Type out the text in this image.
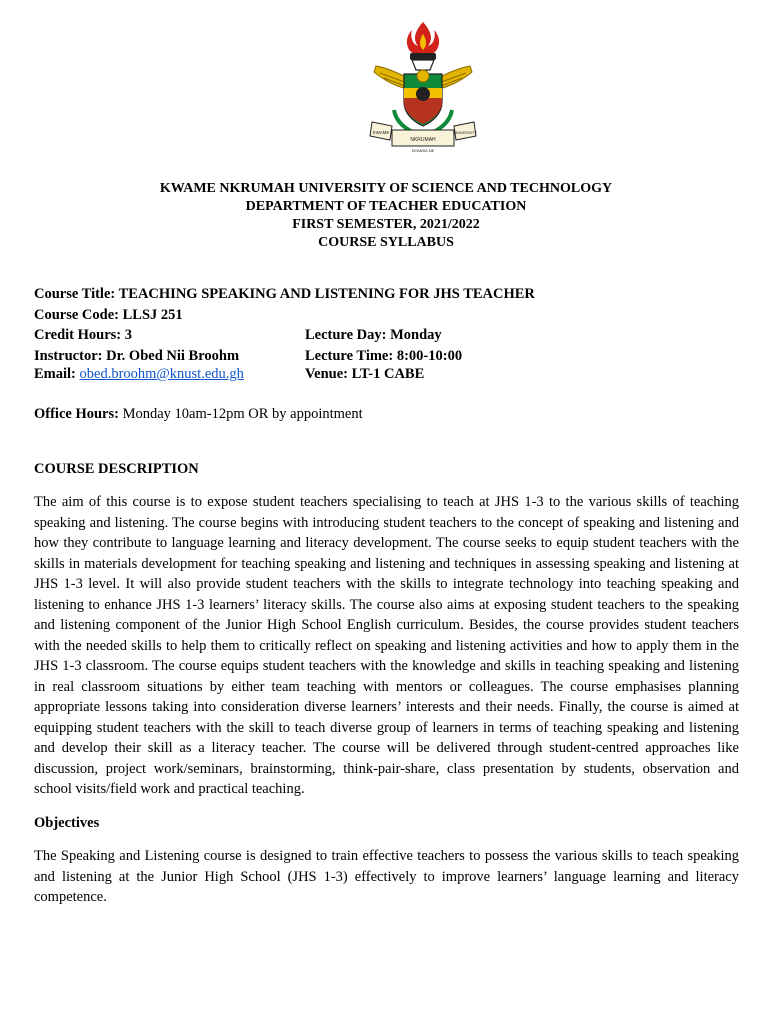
KWAME
NKRUMAH
UNIVERSITY
NYANSA NE
KWAME NKRUMAH UNIVERSITY OF SCIENCE AND TECHNOLOGY
DEPARTMENT OF TEACHER EDUCATION
FIRST SEMESTER, 2021/2022
COURSE SYLLABUS
Course Title: TEACHING SPEAKING AND LISTENING FOR JHS TEACHER
Course Code: LLSJ 251
Credit Hours: 3	Lecture Day: Monday
Instructor: Dr. Obed Nii Broohm	Lecture Time: 8:00-10:00
Email: obed.broohm@knust.edu.gh	Venue: LT-1 CABE
Office Hours: Monday 10am-12pm OR by appointment
COURSE DESCRIPTION

The aim of this course is to expose student teachers specialising to teach at JHS 1-3 to the various skills of teaching speaking and listening. The course begins with introducing student teachers to the concept of speaking and listening and how they contribute to language learning and literacy development. The course seeks to equip student teachers with the skills in materials development for teaching speaking and listening and techniques in assessing speaking and listening at JHS 1-3 level. It will also provide student teachers with the skills to integrate technology into teaching speaking and listening to enhance JHS 1-3 learners’ literacy skills. The course also aims at exposing student teachers to the speaking and listening component of the Junior High School English curriculum. Besides, the course provides student teachers with the needed skills to help them to critically reflect on speaking and listening activities and how to apply them in the JHS 1-3 classroom. The course equips student teachers with the knowledge and skills in teaching speaking and listening in real classroom situations by either team teaching with mentors or colleagues. The course emphasises planning appropriate lessons taking into consideration diverse learners’ interests and their needs. Finally, the course is aimed at equipping student teachers with the skill to teach diverse group of learners in terms of teaching speaking and listening and develop their skill as a literacy teacher. The course will be delivered through student-centred approaches like discussion, project work/seminars, brainstorming, think-pair-share, class presentation by students, observation and school visits/field work and practical teaching.

Objectives

The Speaking and Listening course is designed to train effective teachers to possess the various skills to teach speaking and listening at the Junior High School (JHS 1-3) effectively to improve learners’ language learning and literacy competence.
